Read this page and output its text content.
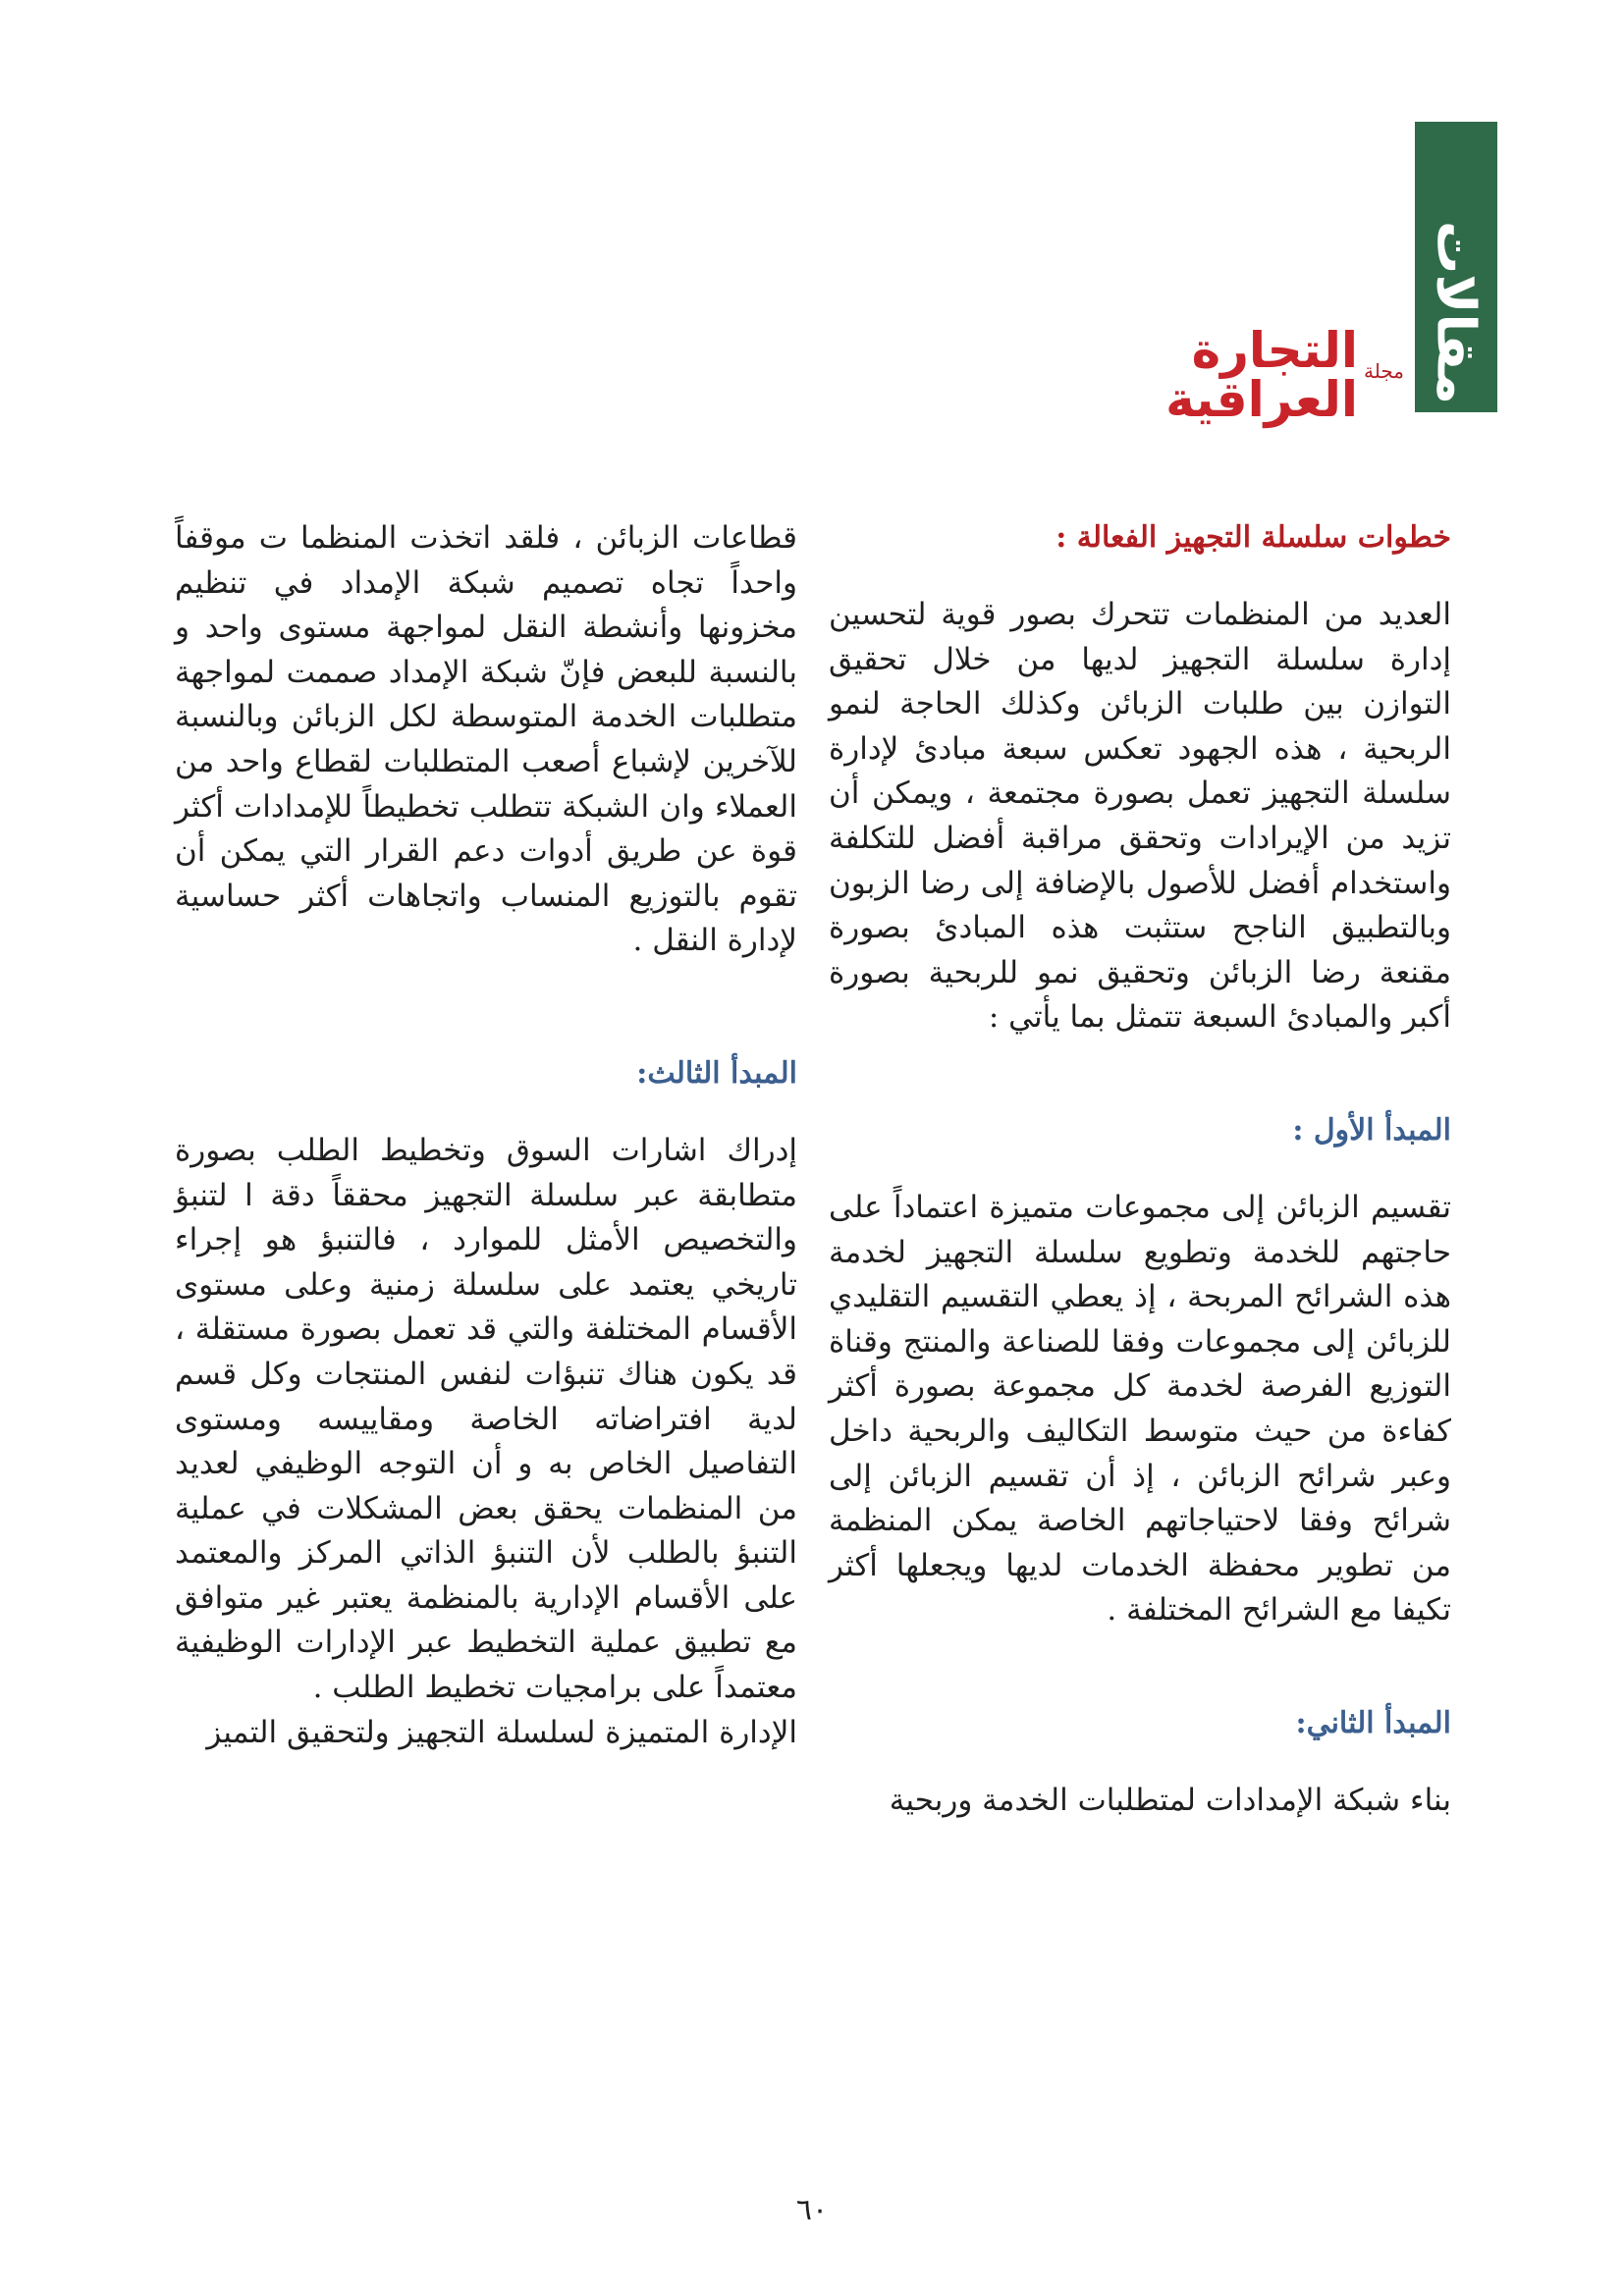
مقالات
مجلة
التجارة العراقية
خطوات سلسلة التجهيز الفعالة :

العديد من المنظمات تتحرك بصور قوية لتحسين إدارة سلسلة التجهيز لديها من خلال تحقيق التوازن بين طلبات الزبائن وكذلك الحاجة لنمو الربحية ، هذه الجهود تعكس سبعة مبادئ لإدارة سلسلة التجهيز تعمل بصورة مجتمعة ، ويمكن أن تزيد من الإيرادات وتحقق مراقبة أفضل للتكلفة واستخدام أفضل للأصول بالإضافة إلى رضا الزبون وبالتطبيق الناجح ستثبت هذه المبادئ بصورة مقنعة رضا الزبائن وتحقيق نمو للربحية بصورة أكبر والمبادئ السبعة تتمثل بما يأتي :

المبدأ الأول :

تقسيم الزبائن إلى مجموعات متميزة اعتماداً على حاجتهم للخدمة وتطويع سلسلة التجهيز لخدمة هذه الشرائح المربحة ، إذ يعطي التقسيم التقليدي للزبائن إلى مجموعات وفقا للصناعة والمنتج وقناة التوزيع الفرصة لخدمة كل مجموعة بصورة أكثر كفاءة من حيث متوسط التكاليف والربحية داخل وعبر شرائح الزبائن ، إذ أن تقسيم الزبائن إلى شرائح وفقا لاحتياجاتهم الخاصة يمكن المنظمة من تطوير محفظة الخدمات لديها ويجعلها أكثر تكيفا مع الشرائح المختلفة .

المبدأ الثاني:

بناء شبكة الإمدادات لمتطلبات الخدمة وربحية

قطاعات الزبائن ، فلقد اتخذت المنظما ت موقفاً واحداً تجاه تصميم شبكة الإمداد في تنظيم مخزونها وأنشطة النقل لمواجهة مستوى واحد و بالنسبة للبعض فإنّ شبكة الإمداد صممت لمواجهة متطلبات الخدمة المتوسطة لكل الزبائن وبالنسبة للآخرين لإشباع أصعب المتطلبات لقطاع واحد من العملاء وان الشبكة تتطلب تخطيطاً للإمدادات أكثر قوة عن طريق أدوات دعم القرار التي يمكن أن تقوم بالتوزيع المنساب واتجاهات أكثر حساسية لإدارة النقل .

المبدأ الثالث:

إدراك اشارات السوق وتخطيط الطلب بصورة متطابقة عبر سلسلة التجهيز محققاً دقة ا لتنبؤ والتخصيص الأمثل للموارد ، فالتنبؤ هو إجراء تاريخي يعتمد على سلسلة زمنية وعلى مستوى الأقسام المختلفة والتي قد تعمل بصورة مستقلة ، قد يكون هناك تنبؤات لنفس المنتجات وكل قسم لدية افتراضاته الخاصة ومقاييسه ومستوى التفاصيل الخاص به و أن التوجه الوظيفي لعديد من المنظمات يحقق بعض المشكلات في عملية التنبؤ بالطلب لأن التنبؤ الذاتي المركز والمعتمد على الأقسام الإدارية بالمنظمة يعتبر غير متوافق مع تطبيق عملية التخطيط عبر الإدارات الوظيفية معتمداً على برامجيات تخطيط الطلب .

الإدارة المتميزة لسلسلة التجهيز ولتحقيق التميز

٦٠
